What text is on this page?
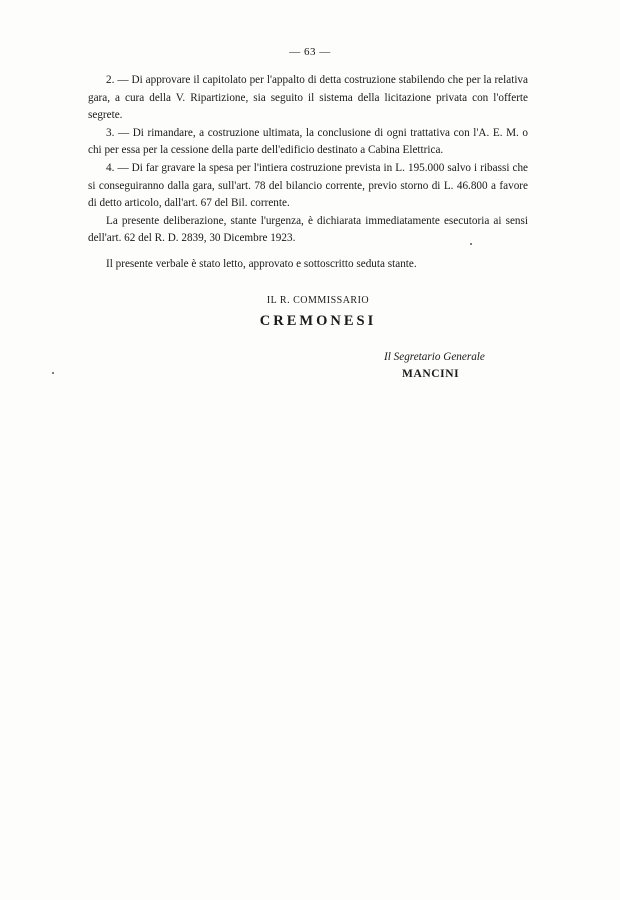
— 63 —

2. — Di approvare il capitolato per l'appalto di detta costruzione stabilendo che per la relativa gara, a cura della V. Ripartizione, sia seguito il sistema della licitazione privata con l'offerte segrete.

3. — Di rimandare, a costruzione ultimata, la conclusione di ogni trattativa con l'A. E. M. o chi per essa per la cessione della parte dell'edificio destinato a Cabina Elettrica.

4. — Di far gravare la spesa per l'intiera costruzione prevista in L. 195.000 salvo i ribassi che si conseguiranno dalla gara, sull'art. 78 del bilancio corrente, previo storno di L. 46.800 a favore di detto articolo, dall'art. 67 del Bil. corrente.

La presente deliberazione, stante l'urgenza, è dichiarata immediatamente esecutoria ai sensi dell'art. 62 del R. D. 2839, 30 Dicembre 1923.

Il presente verbale è stato letto, approvato e sottoscritto seduta stante.

IL R. COMMISSARIO
CREMONESI
Il Segretario Generale
MANCINI
